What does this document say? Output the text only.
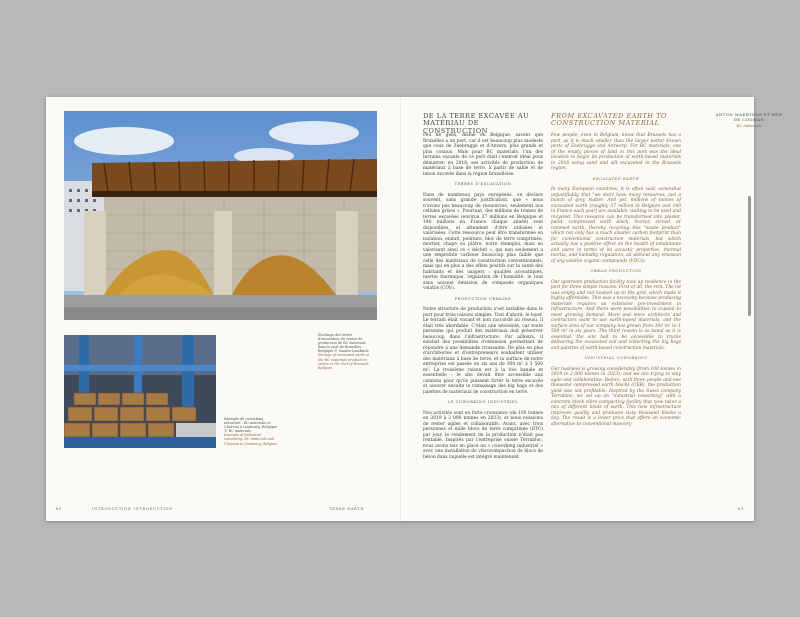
Stockage des terres d'excavation du centre de production de BC materials dans le port de Bruxelles, Belgique © Sander Lambrich
Storage of excavated earth at the BC materials production centre in the Port of Brussels, Belgium
Exemple de coworking industriel : BC materials et Chaveau à Limbourg, Belgique © BC materials
Example of industrial coworking: BC materials and Chaveau in Limbourg, Belgium
DE LA TERRE EXCAVÉE AU MATÉRIAU DE CONSTRUCTION
FROM EXCAVATED EARTH TO CONSTRUCTION MATERIAL
ANTON MAERTENS ET BEN DE COOMAN
BC materials

Peu de gens, même en Belgique, savent que Bruxelles a un port, car il est beaucoup plus modeste que ceux de Zeebrugge et d'Anvers, plus grands et plus connus. Mais pour BC materials, l'un des terrains vacants de ce port était l'endroit idéal pour démarrer, en 2018, ses activités de production de matériaux à base de terre, à partir de sable et de limon excavés dans la région bruxelloise.

TERRES D'EXCAVATION

Dans de nombreux pays européens, on déclare souvent, sans grande justification, que « nous n'avons pas beaucoup de ressources, seulement nos cellules grises ». Pourtant, des millions de tonnes de terres excavées (environ 37 millions en Belgique et 140 millions en France chaque année) sont disponibles, et attendent d'être utilisées et valorisées. Cette ressource peut être transformée en isolation, enduit, peinture, bloc de terre comprimée, mortier, chape ou plâtre, notre réemploi, mais en valorisant ainsi ce « déchet », qui non seulement a une empreinte carbone beaucoup plus faible que celle des matériaux de construction conventionnels, mais qui en plus a des effets positifs sur la santé des habitants et des usagers : qualités acoustiques, inertie thermique, régulation de l'humidité, le tout sans aucune émission de composés organiques volatils (COV).

PRODUCTION URBAINE

Notre structure de production s'est installée dans le port pour trois raisons simples. Tout d'abord, le loyer. Le terrain était vacant et non raccordé au réseau, il était très abordable. C'était une nécessité, car toute personne qui produit des matériaux doit préserver beaucoup dans l'infrastructure. Par ailleurs, il existait des possibilités d'extension permettant de répondre à une demande croissante. De plus en plus d'architectes et d'entrepreneurs souhaitent utiliser des matériaux à base de terre, et la surface de notre entreprise est passée en six ans de 300 m² à 1 500 m². La troisième raison est à la fois banale et essentielle : le site devait être accessible aux camions pour qu'ils puissent livrer la terre excavée et assurer ensuite le ramassage des big bags et des palettes de matériaux de construction en terre.

LE COWORKING INDUSTRIEL

Nos activités sont en forte croissance (de 100 tonnes en 2019 à 2 000 tonnes en 2023), et nous essayons de rester agiles et collaboratifs. Avant, avec trois personnes et mille blocs de terre comprimée (BTC) par jour, le rendement de la production n'était pas rentable. Inspirés par l'entreprise suisse Terrabloc, nous avons mis en place un « coworking industriel » avec une installation de vibrocompaction de blocs de béton dans laquelle est intégré maintenant

Few people, even in Belgium, know that Brussels has a port, as it is much smaller than the larger better known ports of Zeebrugge and Antwerp. For BC materials, one of the empty pieces of land in this port was the ideal location to begin its production of earth-based materials in 2018 using sand and silt excavated in the Brussels region.

EXCAVATED EARTH

In many European countries, it is often said, somewhat unjustifiably, that "we don't have many resources, just a bunch of grey matter. And yet, millions of tonnes of excavated earth (roughly 37 million in Belgium and 140 in France each year) are available, waiting to be used and recycled. This resource can be transformed into plaster, paint, compressed earth block, mortar, screed, or rammed earth, thereby recycling this "waste product" which not only has a much smaller carbon footprint than for conventional construction materials, but which actually has a positive effect on the health of inhabitants and users in terms of its acoustic properties, thermal inertia, and humidity regulation, all without any emission of any volatile organic compounds (VOCs).

URBAN PRODUCTION

Our upstream production facility took up residence in the port for three simple reasons. First of all, the rent. The lot was empty and not hooked up to the grid, which made it highly affordable. This was a necessity because producing materials requires an extensive pre-investment in infrastructure. And there were possibilities to expand to meet growing demand. More and more architects and contractors want to use earth-based materials, and the surface area of our company has grown from 300 m² to 1 500 m² in six years. The third reason is as banal as it is essential: the site had to be accessible to trucks delivering the excavated soil and collecting the big bags and palettes of earth-based construction materials.

INDUSTRIAL COWORKING

Our business is growing considerably (from 100 tonnes in 2019 to 2,000 tonnes in 2023), and we are trying to stay agile and collaborative. Before, with three people and one thousand compressed earth blocks (CEB), the production yield was not profitable. Inspired by the Swiss company Terrabloc, we set up an "industrial coworking" with a concrete block vibro-compacting facility that now takes a mix of different kinds of earth. This new infrastructure improves quality and produces sixty thousand blocks a day. The result is a lower price that offers an economic alternative to conventional masonry

60	INTRODUCTION INTRODUCTION	TERRE EARTH	61
